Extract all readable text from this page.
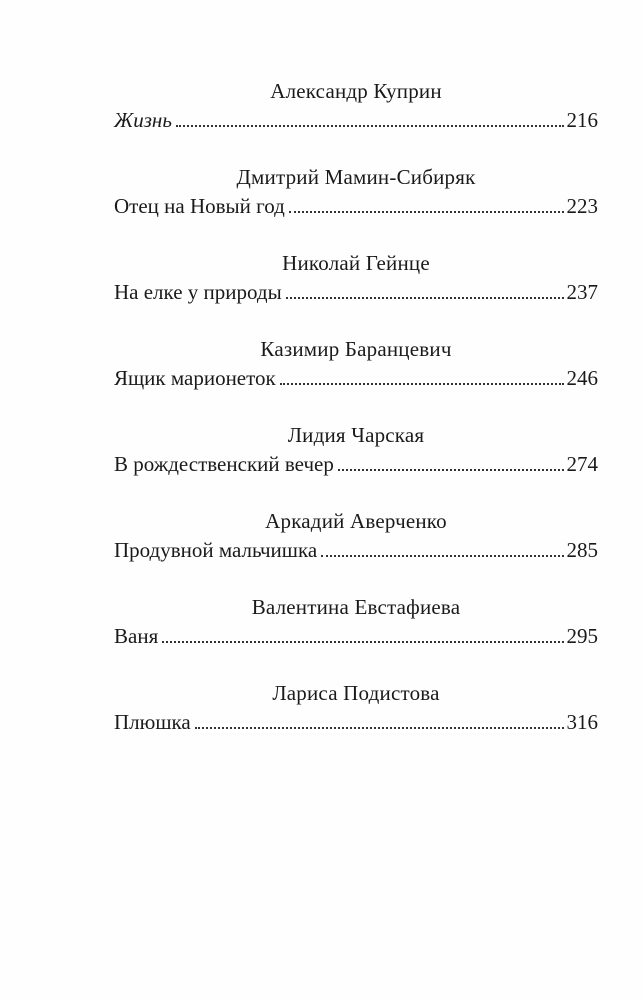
Александр Куприн
Жизнь	216
Дмитрий Мамин-Сибиряк
Отец на Новый год	223
Николай Гейнце
На елке у природы	237
Казимир Баранцевич
Ящик марионеток	246
Лидия Чарская
В рождественский вечер	274
Аркадий Аверченко
Продувной мальчишка	285
Валентина Евстафиева
Ваня	295
Лариса Подистова
Плюшка	316
